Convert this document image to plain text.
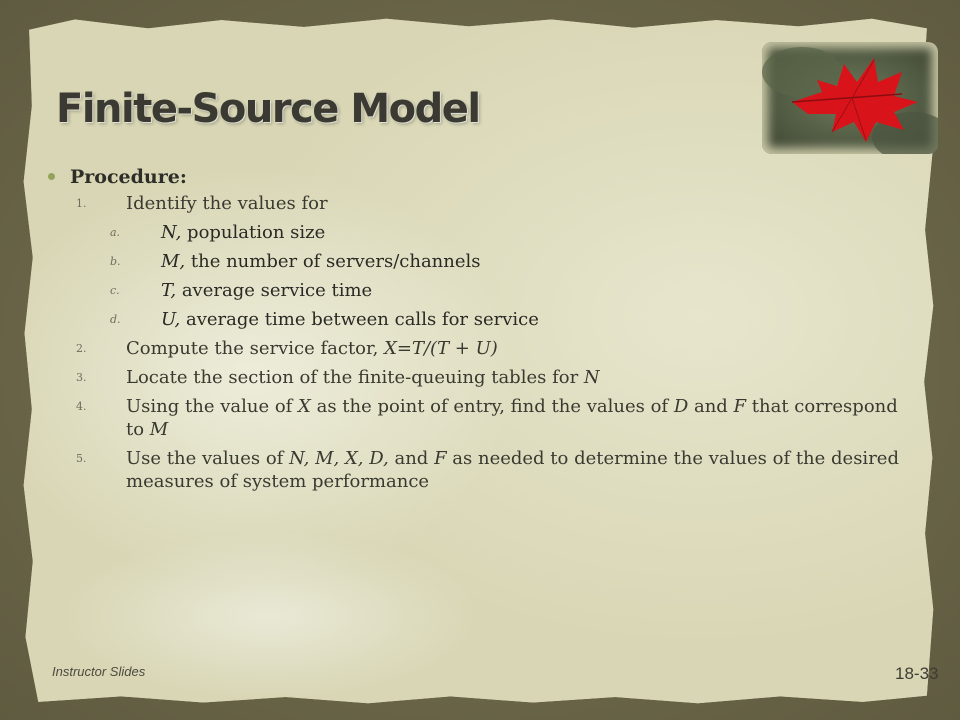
Finite-Source Model
Procedure:
1. Identify the values for
a. N, population size
b. M, the number of servers/channels
c. T, average service time
d. U, average time between calls for service
2. Compute the service factor, X=T/(T + U)
3. Locate the section of the finite-queuing tables for N
4. Using the value of X as the point of entry, find the values of D and F that correspond to M
5. Use the values of N, M, X, D, and F as needed to determine the values of the desired measures of system performance
Instructor Slides	18-33
